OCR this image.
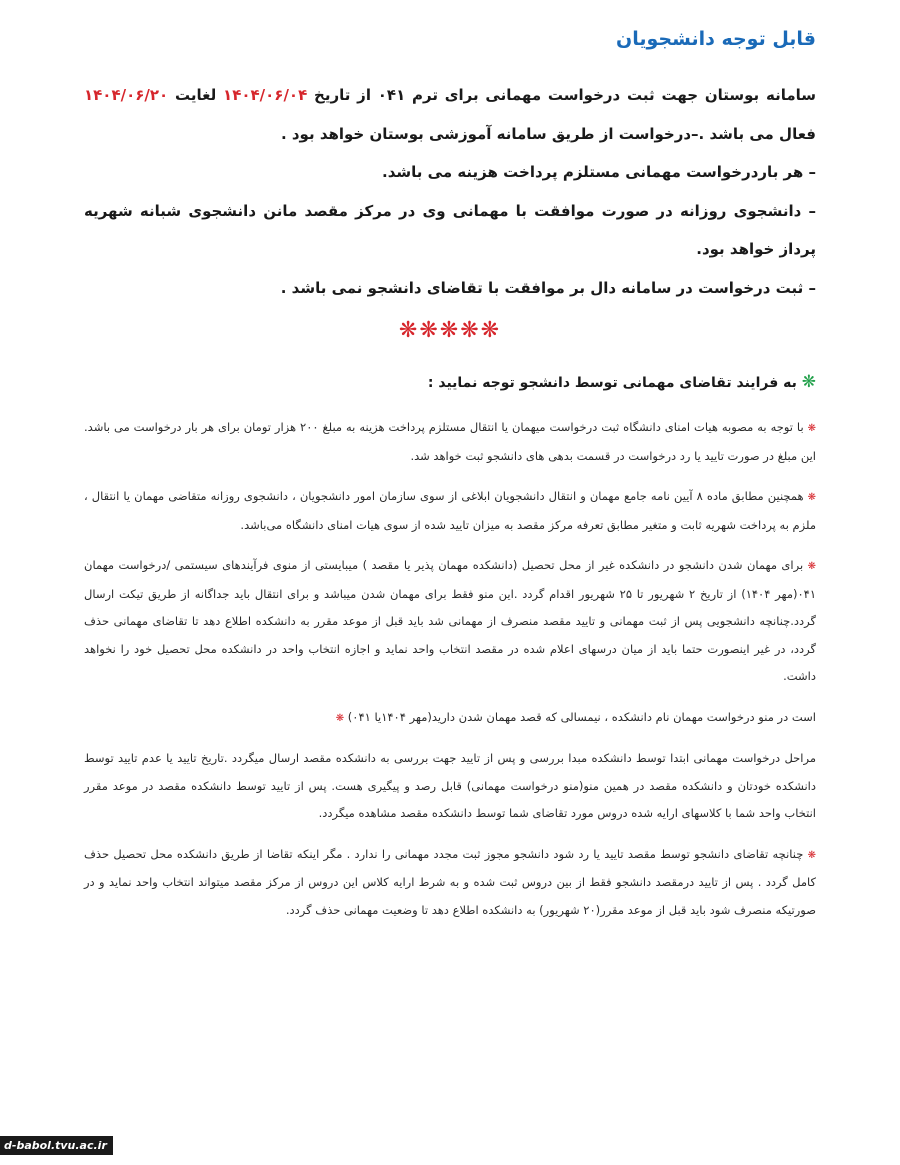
قابل توجه دانشجویان

سامانه بوستان جهت ثبت درخواست مهمانی برای ترم ۰۴۱ از تاریخ ۱۴۰۴/۰۶/۰۴ لغایت ۱۴۰۴/۰۶/۲۰ فعال می باشد .–درخواست از طریق سامانه آموزشی بوستان خواهد بود .

– هر باردرخواست مهمانی مستلزم پرداخت هزینه می باشد.

– دانشجوی روزانه در صورت موافقت با مهمانی وی در مرکز مقصد مانن دانشجوی شبانه شهریه پرداز خواهد بود.

– ثبت درخواست در سامانه دال بر موافقت با تقاضای دانشجو نمی باشد .

❋❋❋❋❋
❋ به فرایند تقاضای مهمانی توسط دانشجو توجه نمایید :

❋ با توجه به مصوبه هیات امنای دانشگاه ثبت درخواست میهمان یا انتقال مستلزم پرداخت هزینه به مبلغ ۲۰۰ هزار تومان برای هر بار درخواست می باشد. این مبلغ در صورت تایید یا رد درخواست در قسمت بدهی های دانشجو ثبت خواهد شد.

❋ همچنین مطابق ماده ۸ آیین نامه جامع مهمان و انتقال دانشجویان ابلاغی از سوی سازمان امور دانشجویان ، دانشجوی روزانه متقاضی مهمان یا انتقال ، ملزم به پرداخت شهریه ثابت و متغیر مطابق تعرفه مرکز مقصد به میزان تایید شده از سوی هیات امنای دانشگاه می‌باشد.

❋ برای مهمان شدن دانشجو در دانشکده غیر از محل تحصیل (دانشکده مهمان پذیر یا مقصد ) میبایستی از منوی فرآیندهای سیستمی /درخواست مهمان ۰۴۱(مهر ۱۴۰۴) از تاریخ ۲ شهریور تا ۲۵ شهریور اقدام گردد .این منو فقط برای مهمان شدن میباشد و برای انتقال باید جداگانه از طریق تیکت ارسال گردد.چنانچه دانشجویی پس از ثبت مهمانی و تایید مقصد منصرف از مهمانی شد باید قبل از موعد مقرر به دانشکده اطلاع دهد تا تقاضای مهمانی حذف گردد، در غیر اینصورت حتما باید از میان درسهای اعلام شده در مقصد انتخاب واحد نماید و اجازه انتخاب واحد در دانشکده محل تحصیل خود را نخواهد داشت.

است در منو درخواست مهمان نام دانشکده ، نیمسالی که قصد مهمان شدن دارید(مهر ۱۴۰۴یا ۰۴۱) ❋

مراحل درخواست مهمانی ابتدا توسط دانشکده مبدا بررسی و پس از تایید جهت بررسی به دانشکده مقصد ارسال میگردد .تاریخ تایید یا عدم تایید توسط دانشکده خودتان و دانشکده مقصد در همین منو(منو درخواست مهمانی) قابل رصد و پیگیری هست. پس از تایید توسط دانشکده مقصد در موعد مقرر انتخاب واحد شما با کلاسهای ارایه شده دروس مورد تقاضای شما توسط دانشکده مقصد مشاهده میگردد.

❋ چنانچه تقاضای دانشجو توسط مقصد تایید یا رد شود دانشجو مجوز ثبت مجدد مهمانی را ندارد . مگر اینکه تقاضا از طریق دانشکده محل تحصیل حذف کامل گردد . پس از تایید درمقصد دانشجو فقط از بین دروس ثبت شده و به شرط ارایه کلاس این دروس از مرکز مقصد میتواند انتخاب واحد نماید و در صورتیکه منصرف شود باید قبل از موعد مقرر(۲۰ شهریور) به دانشکده اطلاع دهد تا وضعیت مهمانی حذف گردد.

d-babol.tvu.ac.ir
